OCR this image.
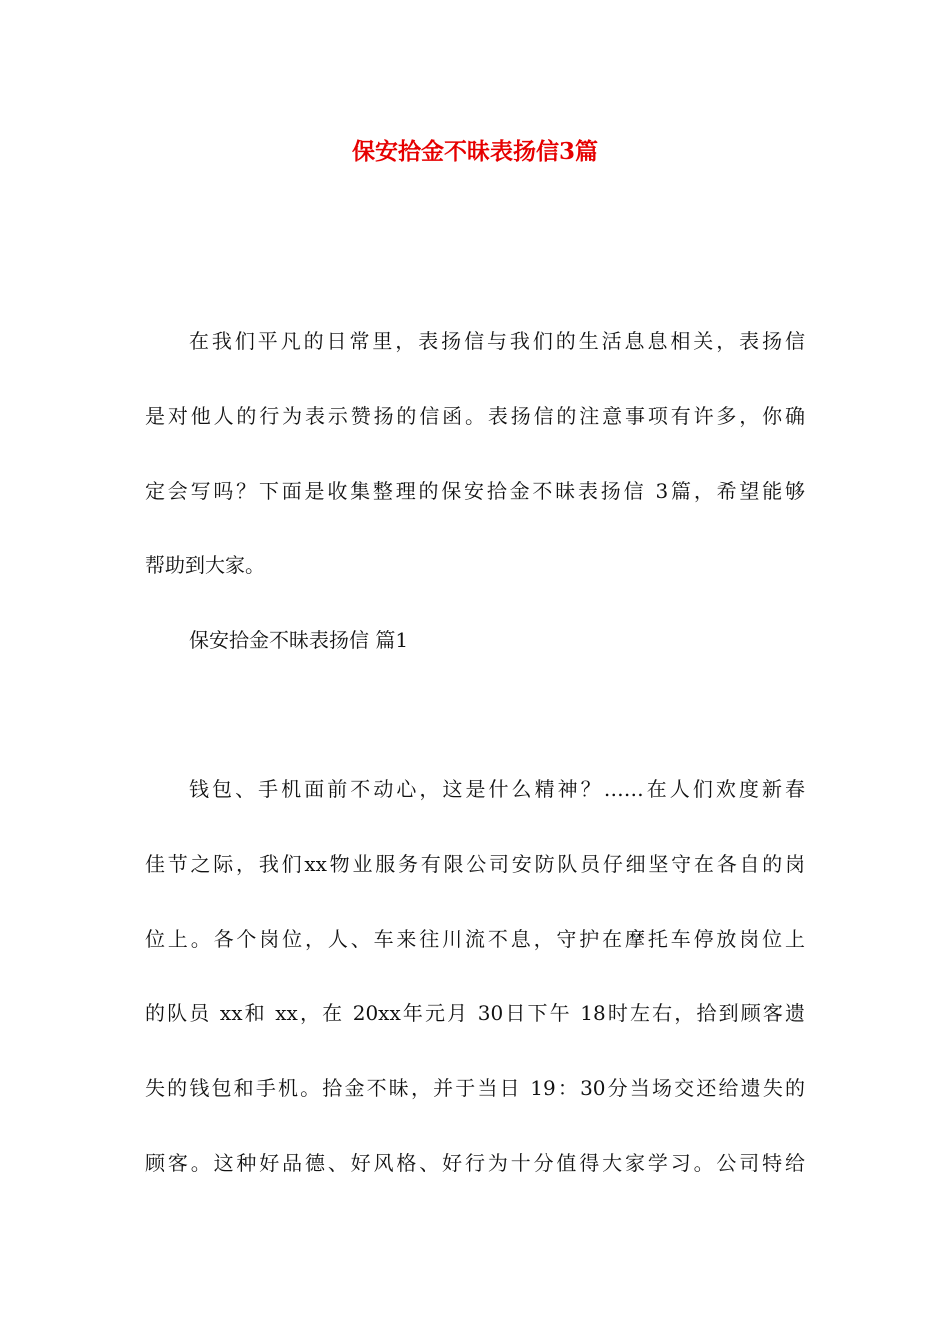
保安拾金不昧表扬信3篇

在我们平凡的日常里，表扬信与我们的生活息息相关，表扬信

是对他人的行为表示赞扬的信函。表扬信的注意事项有许多，你确

定会写吗？下面是收集整理的保安拾金不昧表扬信 3篇，希望能够

帮助到大家。

保安拾金不昧表扬信 篇1

钱包、手机面前不动心，这是什么精神？……在人们欢度新春

佳节之际，我们xx物业服务有限公司安防队员仔细坚守在各自的岗

位上。各个岗位，人、车来往川流不息，守护在摩托车停放岗位上

的队员 xx和 xx，在 20xx年元月 30日下午 18时左右，拾到顾客遗

失的钱包和手机。拾金不昧，并于当日 19：30分当场交还给遗失的

顾客。这种好品德、好风格、好行为十分值得大家学习。公司特给
